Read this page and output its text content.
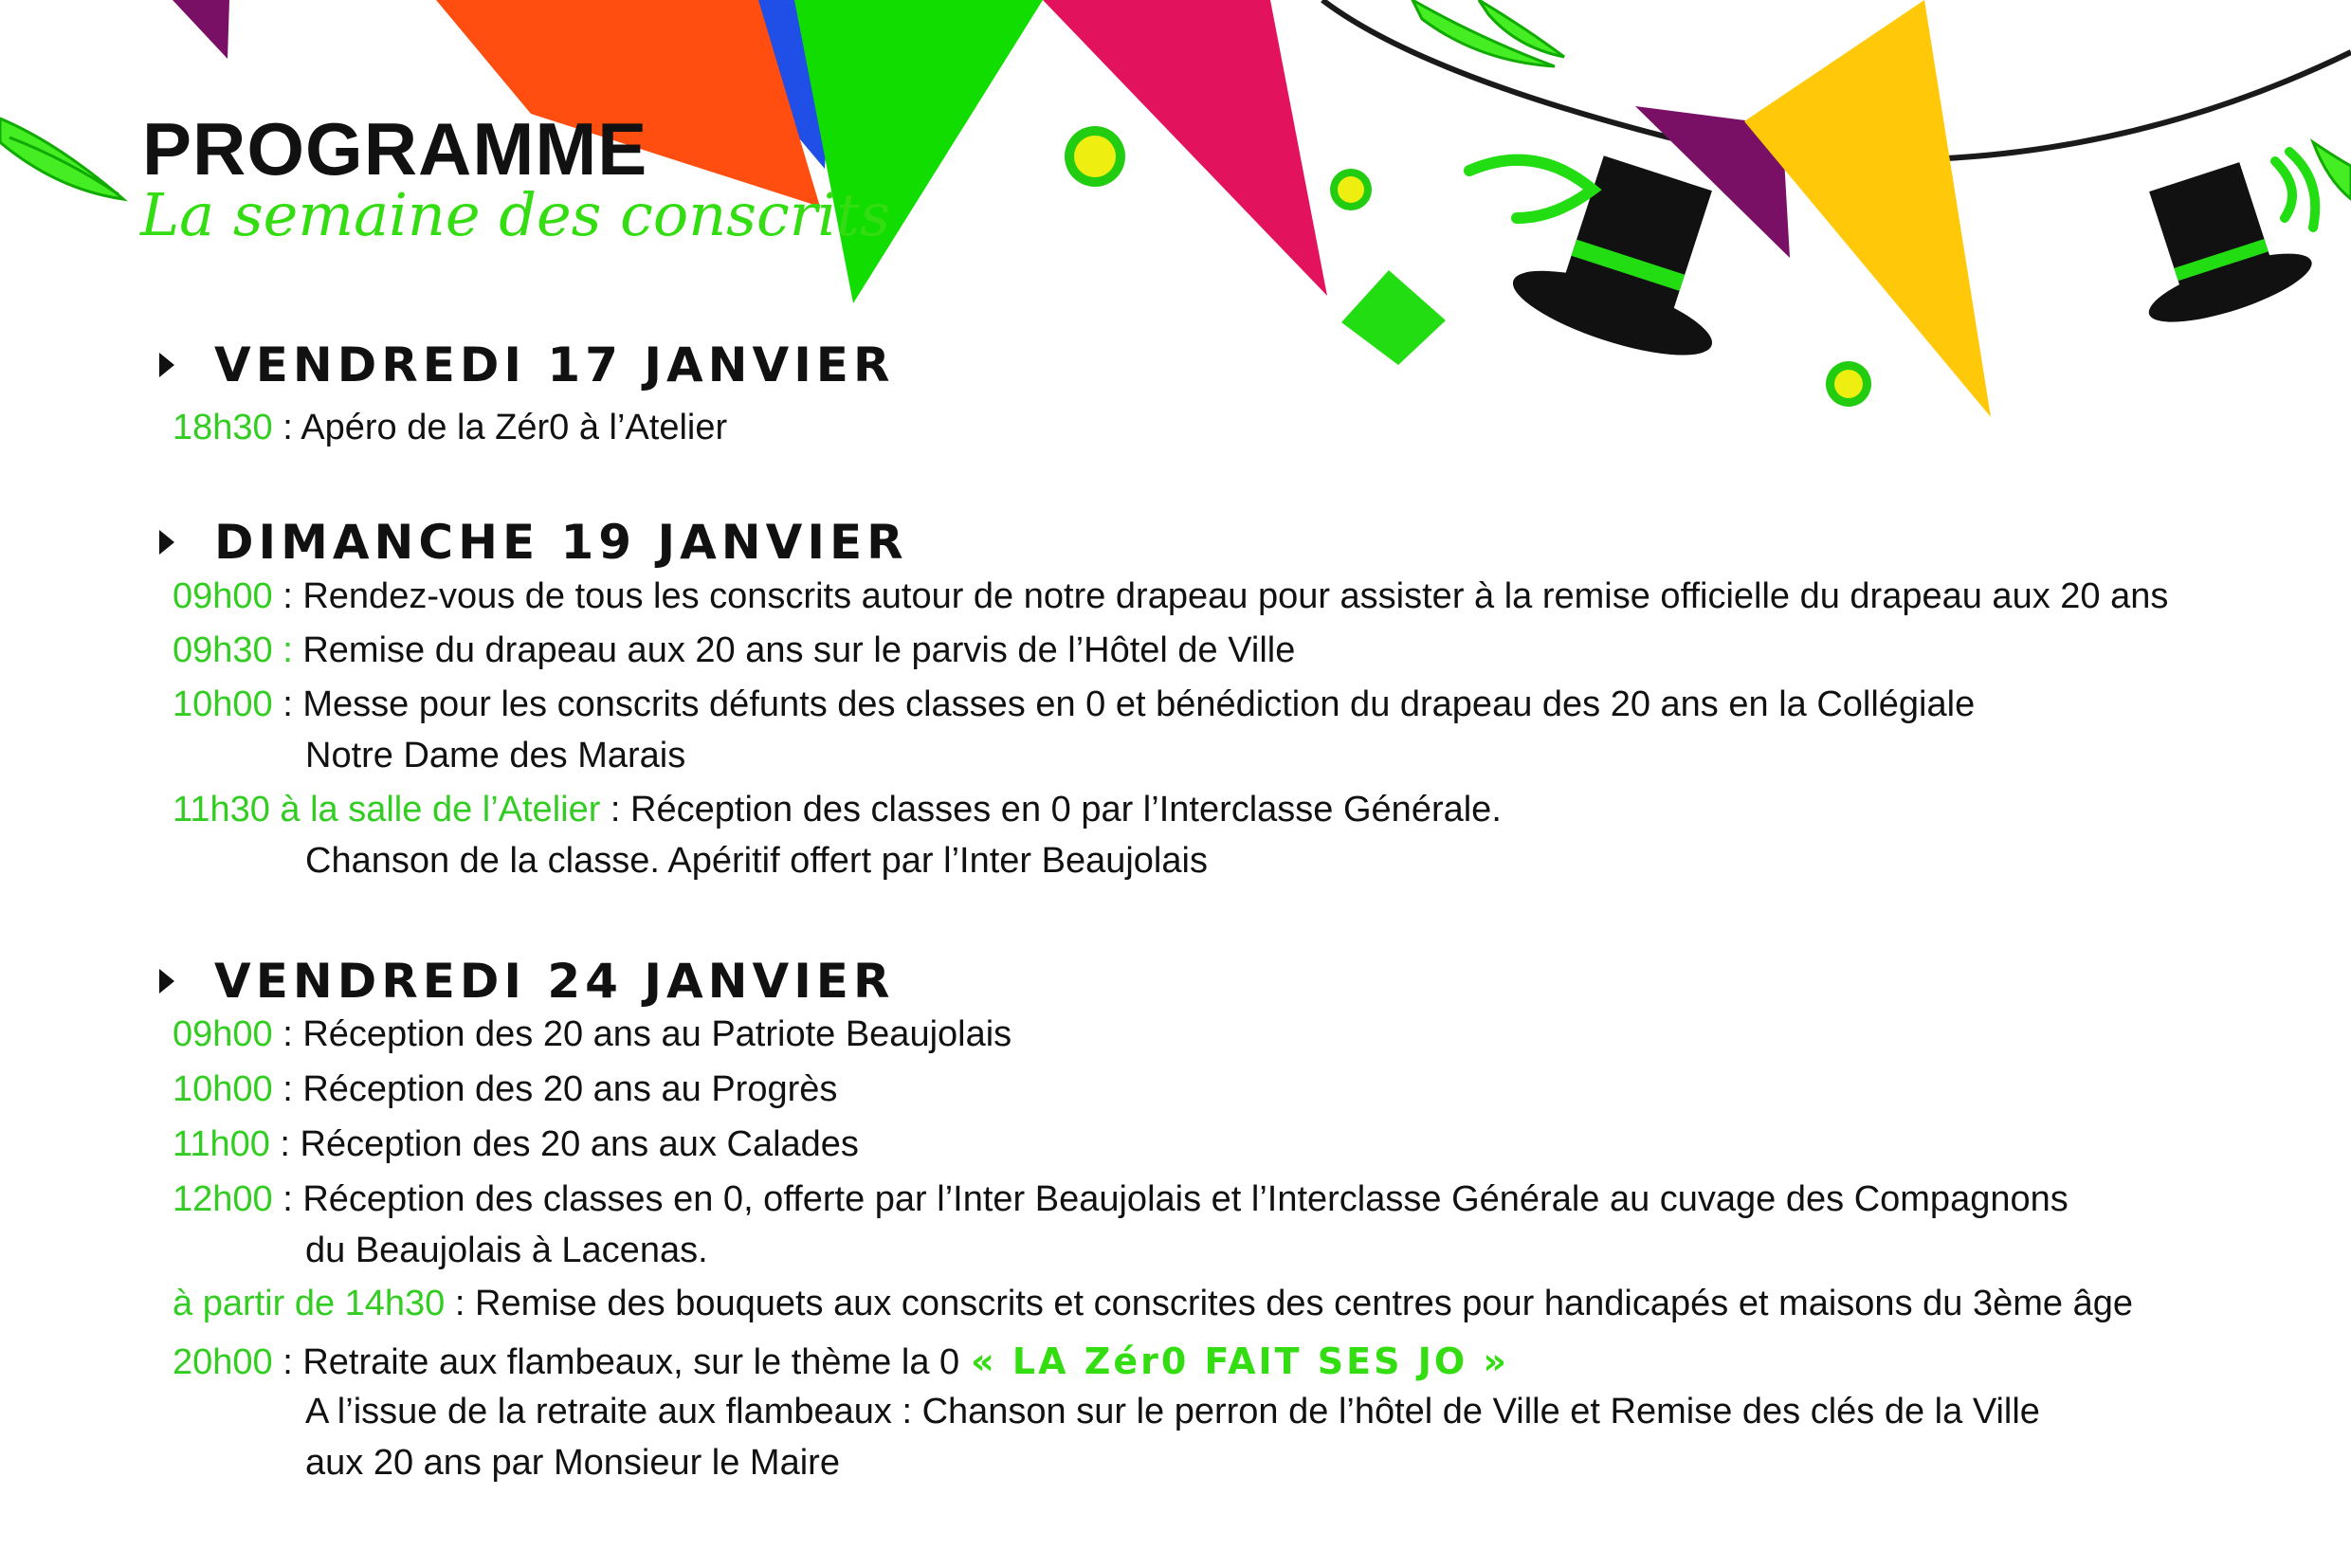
PROGRAMME
La semaine des conscrits
VENDREDI 17 JANVIER
18h30 : Apéro de la Zér0 à l’Atelier
DIMANCHE 19 JANVIER
09h00 : Rendez-vous de tous les conscrits autour de notre drapeau pour assister à la remise officielle du drapeau aux 20 ans
09h30 : Remise du drapeau aux 20 ans sur le parvis de l’Hôtel de Ville
10h00 : Messe pour les conscrits défunts des classes en 0 et bénédiction du drapeau des 20 ans en la Collégiale
Notre Dame des Marais
11h30 à la salle de l’Atelier : Réception des classes en 0 par l’Interclasse Générale.
Chanson de la classe. Apéritif offert par l’Inter Beaujolais
VENDREDI 24 JANVIER
09h00 : Réception des 20 ans au Patriote Beaujolais
10h00 : Réception des 20 ans au Progrès
11h00 : Réception des 20 ans aux Calades
12h00 : Réception des classes en 0, offerte par l’Inter Beaujolais et l’Interclasse Générale au cuvage des Compagnons
du Beaujolais à Lacenas.
à partir de 14h30 : Remise des bouquets aux conscrits et conscrites des centres pour handicapés et maisons du 3ème âge
20h00 : Retraite aux flambeaux, sur le thème la 0 « LA Zér0 FAIT SES JO »
A l’issue de la retraite aux flambeaux : Chanson sur le perron de l’hôtel de Ville et Remise des clés de la Ville
aux 20 ans par Monsieur le Maire
